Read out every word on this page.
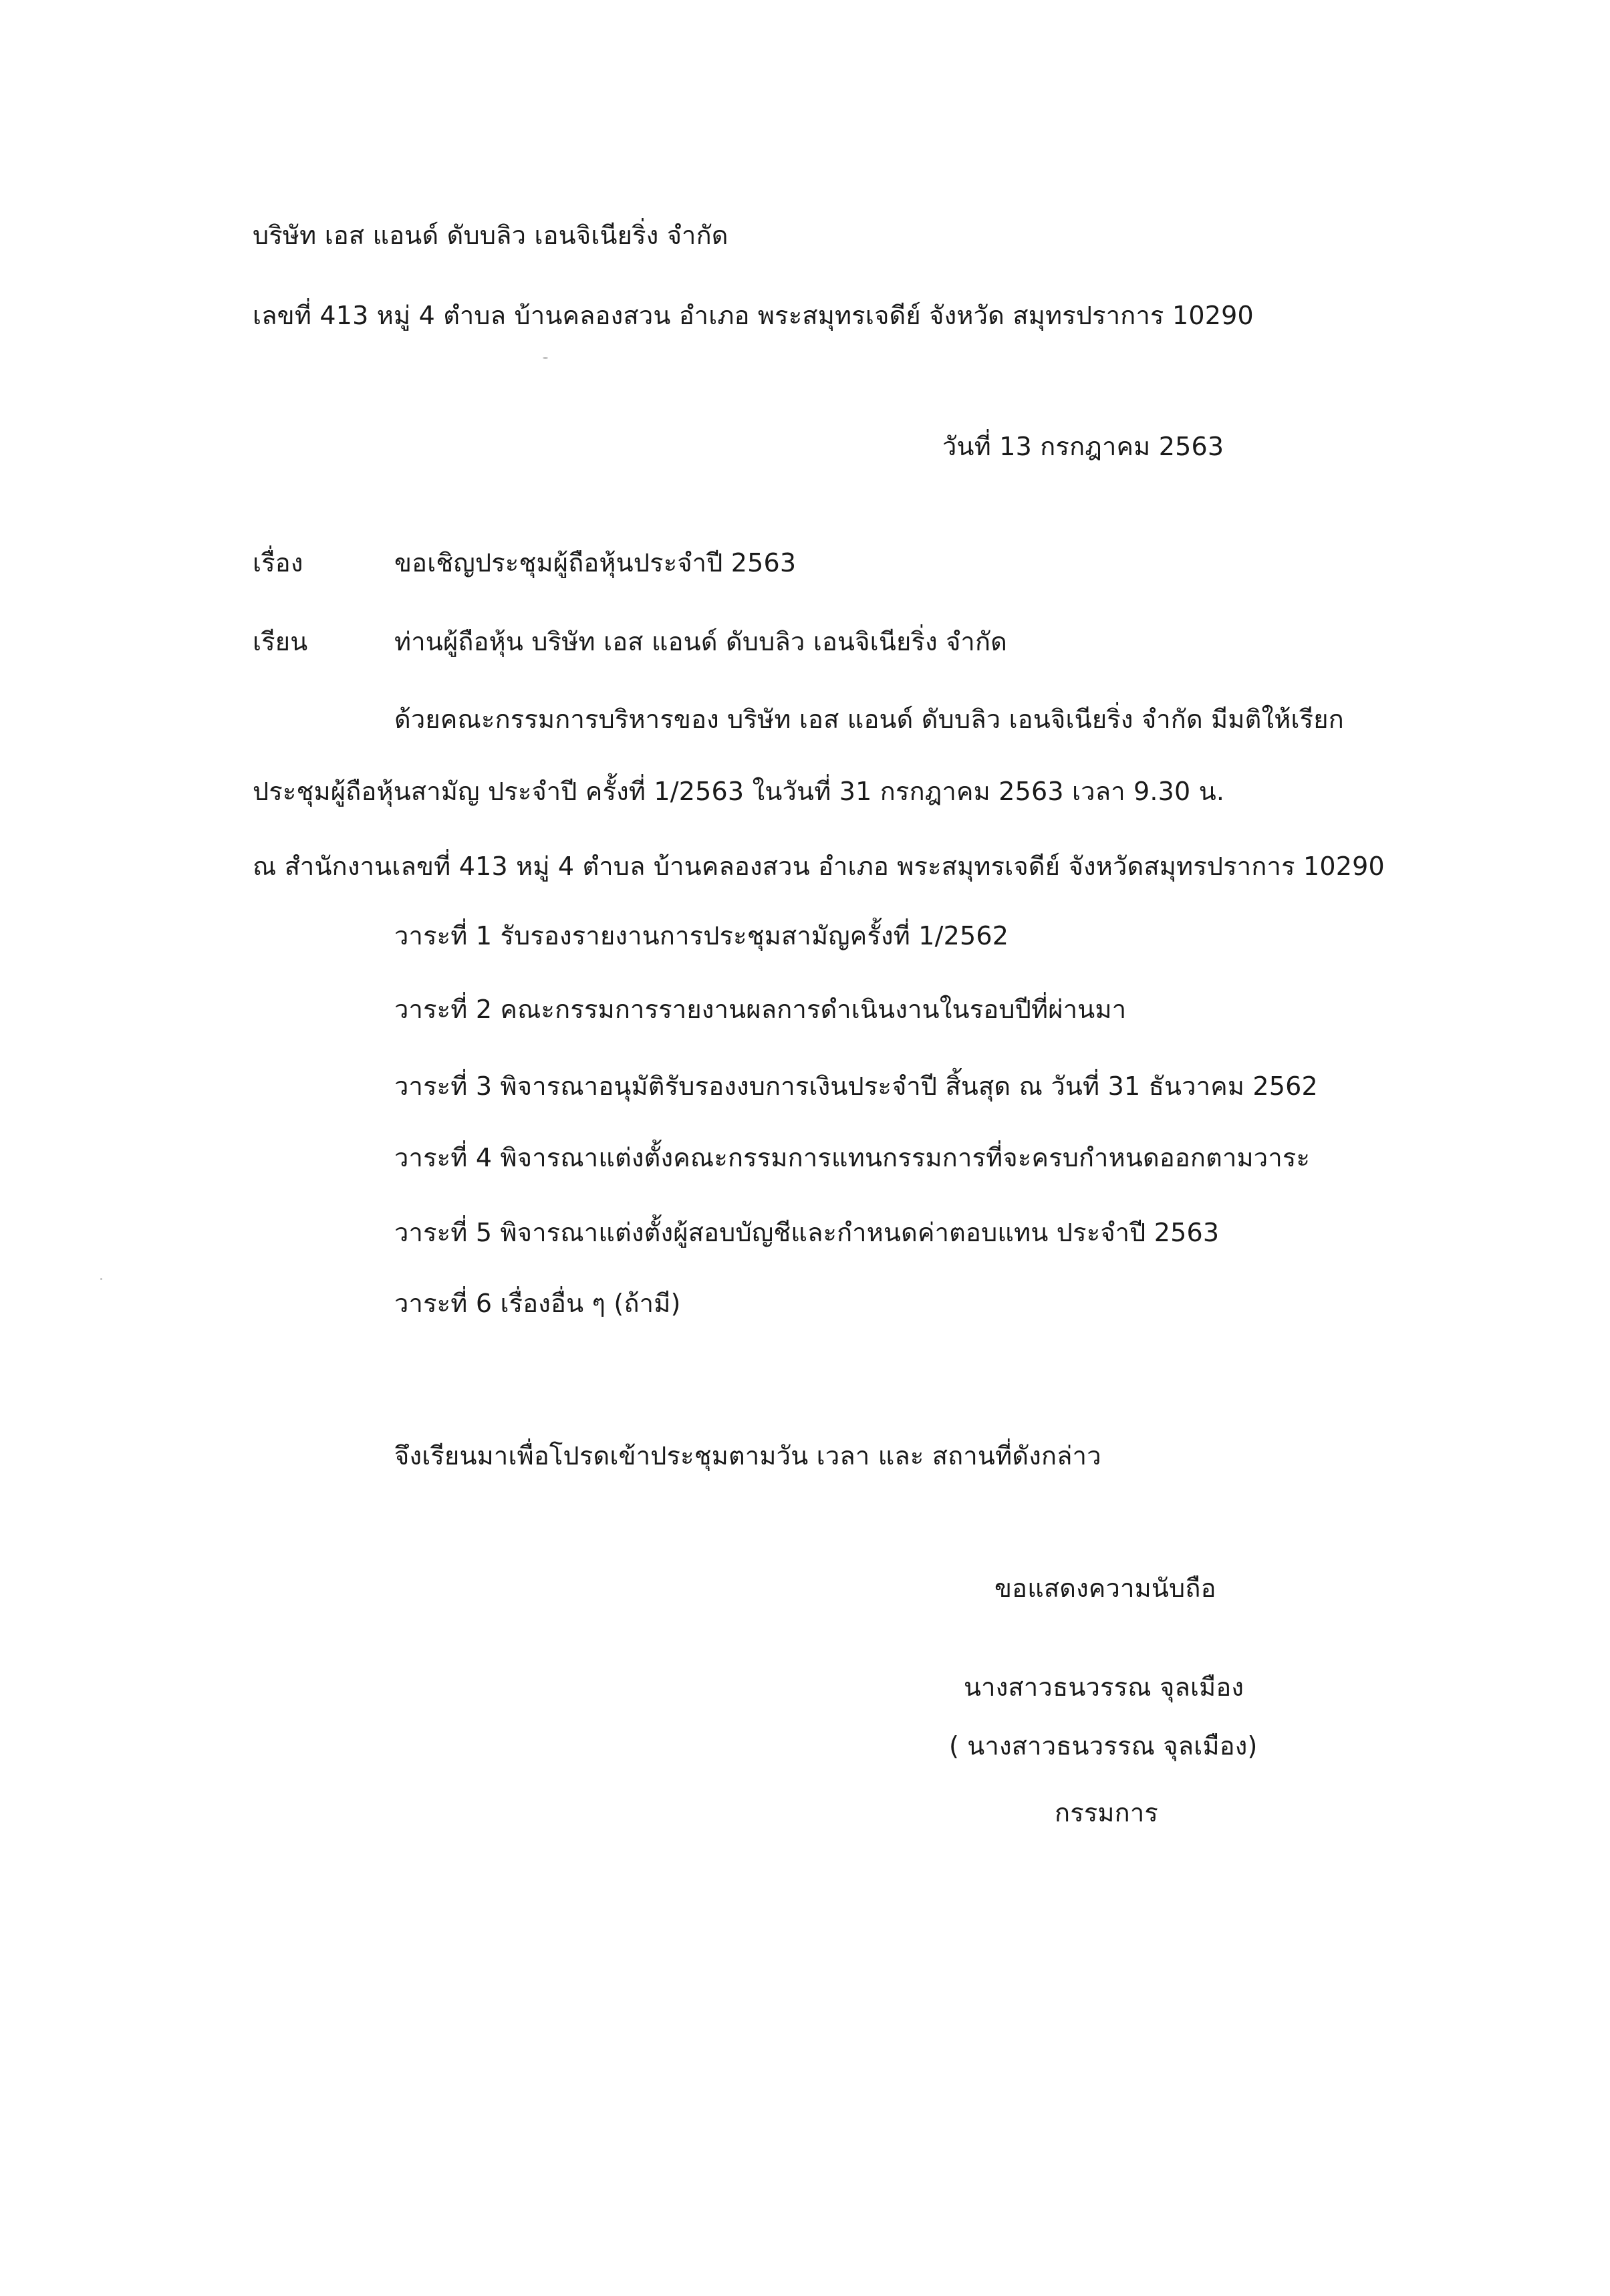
บริษัท เอส แอนด์ ดับบลิว เอนจิเนียริ่ง จำกัด
เลขที่ 413 หมู่ 4 ตำบล บ้านคลองสวน อำเภอ พระสมุทรเจดีย์ จังหวัด สมุทรปราการ 10290
วันที่ 13 กรกฎาคม 2563
เรื่อง	ขอเชิญประชุมผู้ถือหุ้นประจำปี 2563
เรียน	ท่านผู้ถือหุ้น บริษัท เอส แอนด์ ดับบลิว เอนจิเนียริ่ง จำกัด
ด้วยคณะกรรมการบริหารของ บริษัท เอส แอนด์ ดับบลิว เอนจิเนียริ่ง จำกัด มีมติให้เรียก
ประชุมผู้ถือหุ้นสามัญ ประจำปี ครั้งที่ 1/2563 ในวันที่ 31 กรกฎาคม 2563 เวลา 9.30 น.
ณ สำนักงานเลขที่ 413 หมู่ 4 ตำบล บ้านคลองสวน อำเภอ พระสมุทรเจดีย์ จังหวัดสมุทรปราการ 10290
วาระที่ 1 รับรองรายงานการประชุมสามัญครั้งที่ 1/2562
วาระที่ 2 คณะกรรมการรายงานผลการดำเนินงานในรอบปีที่ผ่านมา
วาระที่ 3 พิจารณาอนุมัติรับรองงบการเงินประจำปี สิ้นสุด ณ วันที่ 31 ธันวาคม 2562
วาระที่ 4 พิจารณาแต่งตั้งคณะกรรมการแทนกรรมการที่จะครบกำหนดออกตามวาระ
วาระที่ 5 พิจารณาแต่งตั้งผู้สอบบัญชีและกำหนดค่าตอบแทน ประจำปี 2563
วาระที่ 6 เรื่องอื่น ๆ (ถ้ามี)
จึงเรียนมาเพื่อโปรดเข้าประชุมตามวัน เวลา และ สถานที่ดังกล่าว
ขอแสดงความนับถือ
นางสาวธนวรรณ จุลเมือง
( นางสาวธนวรรณ จุลเมือง)
กรรมการ
